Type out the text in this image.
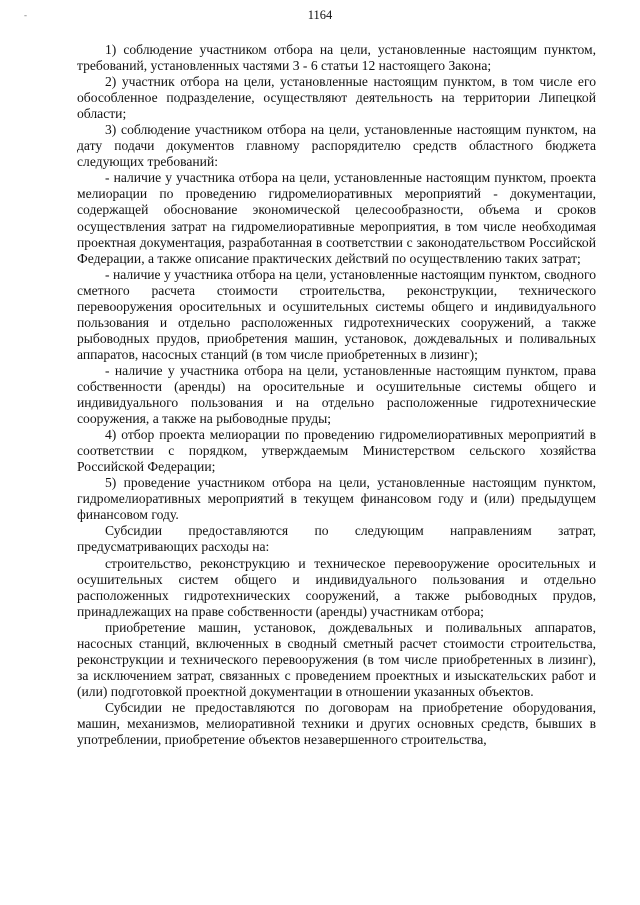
-	1164

1) соблюдение участником отбора на цели, установленные настоящим пунктом, требований, установленных частями 3 - 6 статьи 12 настоящего Закона;

2) участник отбора на цели, установленные настоящим пунктом, в том числе его обособленное подразделение, осуществляют деятельность на территории Липецкой области;

3) соблюдение участником отбора на цели, установленные настоящим пунктом, на дату подачи документов главному распорядителю средств областного бюджета следующих требований:

- наличие у участника отбора на цели, установленные настоящим пунктом, проекта мелиорации по проведению гидромелиоративных мероприятий - документации, содержащей обоснование экономической целесообразности, объема и сроков осуществления затрат на гидромелиоративные мероприятия, в том числе необходимая проектная документация, разработанная в соответствии с законодательством Российской Федерации, а также описание практических действий по осуществлению таких затрат;

- наличие у участника отбора на цели, установленные настоящим пунктом, сводного сметного расчета стоимости строительства, реконструкции, технического перевооружения оросительных и осушительных системы общего и индивидуального пользования и отдельно расположенных гидротехнических сооружений, а также рыбоводных прудов, приобретения машин, установок, дождевальных и поливальных аппаратов, насосных станций (в том числе приобретенных в лизинг);

- наличие у участника отбора на цели, установленные настоящим пунктом, права собственности (аренды) на оросительные и осушительные системы общего и индивидуального пользования и на отдельно расположенные гидротехнические сооружения, а также на рыбоводные пруды;

4) отбор проекта мелиорации по проведению гидромелиоративных мероприятий в соответствии с порядком, утверждаемым Министерством сельского хозяйства Российской Федерации;

5) проведение участником отбора на цели, установленные настоящим пунктом, гидромелиоративных мероприятий в текущем финансовом году и (или) предыдущем финансовом году.

Субсидии предоставляются по следующим направлениям затрат, предусматривающих расходы на:

строительство, реконструкцию и техническое перевооружение оросительных и осушительных систем общего и индивидуального пользования и отдельно расположенных гидротехнических сооружений, а также рыбоводных прудов, принадлежащих на праве собственности (аренды) участникам отбора;

приобретение машин, установок, дождевальных и поливальных аппаратов, насосных станций, включенных в сводный сметный расчет стоимости строительства, реконструкции и технического перевооружения (в том числе приобретенных в лизинг), за исключением затрат, связанных с проведением проектных и изыскательских работ и (или) подготовкой проектной документации в отношении указанных объектов.

Субсидии не предоставляются по договорам на приобретение оборудования, машин, механизмов, мелиоративной техники и других основных средств, бывших в употреблении, приобретение объектов незавершенного строительства,
